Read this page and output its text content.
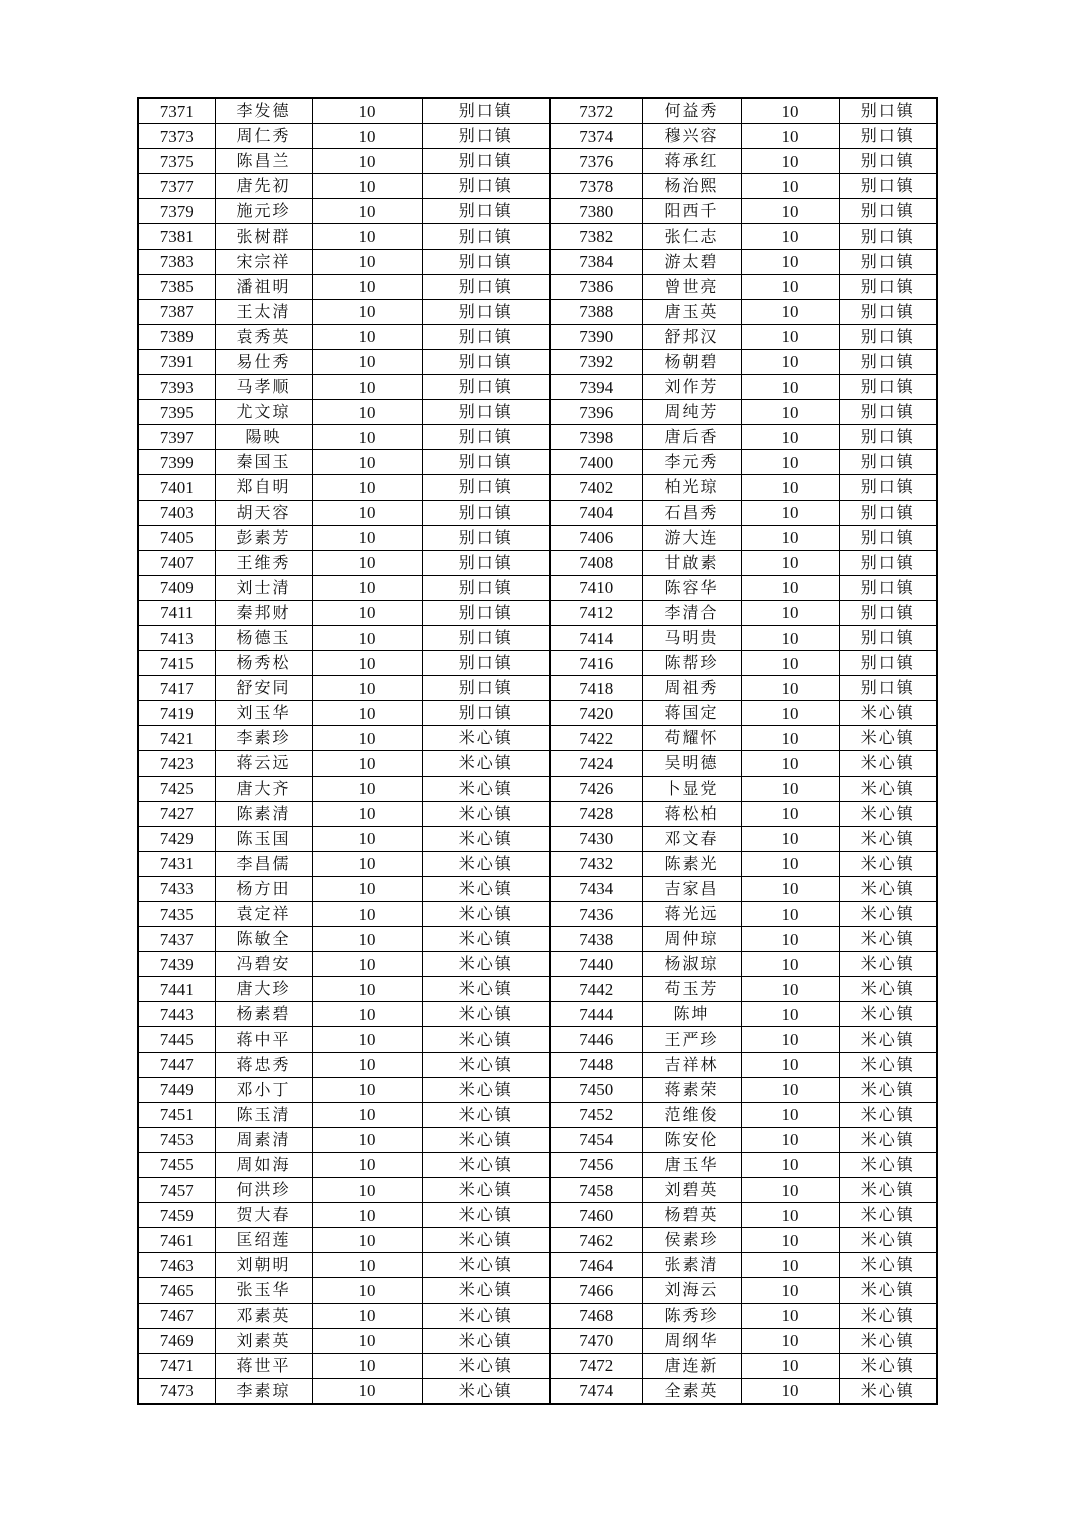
7371	李发德	10	别口镇	7372	何益秀	10	别口镇
7373	周仁秀	10	别口镇	7374	穆兴容	10	别口镇
7375	陈昌兰	10	别口镇	7376	蒋承红	10	别口镇
7377	唐先初	10	别口镇	7378	杨治熙	10	别口镇
7379	施元珍	10	别口镇	7380	阳西千	10	别口镇
7381	张树群	10	别口镇	7382	张仁志	10	别口镇
7383	宋宗祥	10	别口镇	7384	游太碧	10	别口镇
7385	潘祖明	10	别口镇	7386	曾世亮	10	别口镇
7387	王太清	10	别口镇	7388	唐玉英	10	别口镇
7389	袁秀英	10	别口镇	7390	舒邦汉	10	别口镇
7391	易仕秀	10	别口镇	7392	杨朝碧	10	别口镇
7393	马孝顺	10	别口镇	7394	刘作芳	10	别口镇
7395	尤文琼	10	别口镇	7396	周纯芳	10	别口镇
7397	陽映	10	别口镇	7398	唐后香	10	别口镇
7399	秦国玉	10	别口镇	7400	李元秀	10	别口镇
7401	郑自明	10	别口镇	7402	柏光琼	10	别口镇
7403	胡天容	10	别口镇	7404	石昌秀	10	别口镇
7405	彭素芳	10	别口镇	7406	游大连	10	别口镇
7407	王维秀	10	别口镇	7408	甘啟素	10	别口镇
7409	刘士清	10	别口镇	7410	陈容华	10	别口镇
7411	秦邦财	10	别口镇	7412	李清合	10	别口镇
7413	杨德玉	10	别口镇	7414	马明贵	10	别口镇
7415	杨秀松	10	别口镇	7416	陈帮珍	10	别口镇
7417	舒安同	10	别口镇	7418	周祖秀	10	别口镇
7419	刘玉华	10	别口镇	7420	蒋国定	10	米心镇
7421	李素珍	10	米心镇	7422	苟耀怀	10	米心镇
7423	蒋云远	10	米心镇	7424	吴明德	10	米心镇
7425	唐大齐	10	米心镇	7426	卜显党	10	米心镇
7427	陈素清	10	米心镇	7428	蒋松柏	10	米心镇
7429	陈玉国	10	米心镇	7430	邓文春	10	米心镇
7431	李昌儒	10	米心镇	7432	陈素光	10	米心镇
7433	杨方田	10	米心镇	7434	吉家昌	10	米心镇
7435	袁定祥	10	米心镇	7436	蒋光远	10	米心镇
7437	陈敏全	10	米心镇	7438	周仲琼	10	米心镇
7439	冯碧安	10	米心镇	7440	杨淑琼	10	米心镇
7441	唐大珍	10	米心镇	7442	苟玉芳	10	米心镇
7443	杨素碧	10	米心镇	7444	陈坤	10	米心镇
7445	蒋中平	10	米心镇	7446	王严珍	10	米心镇
7447	蒋忠秀	10	米心镇	7448	吉祥林	10	米心镇
7449	邓小丁	10	米心镇	7450	蒋素荣	10	米心镇
7451	陈玉清	10	米心镇	7452	范维俊	10	米心镇
7453	周素清	10	米心镇	7454	陈安伦	10	米心镇
7455	周如海	10	米心镇	7456	唐玉华	10	米心镇
7457	何洪珍	10	米心镇	7458	刘碧英	10	米心镇
7459	贺大春	10	米心镇	7460	杨碧英	10	米心镇
7461	匡绍莲	10	米心镇	7462	侯素珍	10	米心镇
7463	刘朝明	10	米心镇	7464	张素清	10	米心镇
7465	张玉华	10	米心镇	7466	刘海云	10	米心镇
7467	邓素英	10	米心镇	7468	陈秀珍	10	米心镇
7469	刘素英	10	米心镇	7470	周纲华	10	米心镇
7471	蒋世平	10	米心镇	7472	唐连新	10	米心镇
7473	李素琼	10	米心镇	7474	全素英	10	米心镇
